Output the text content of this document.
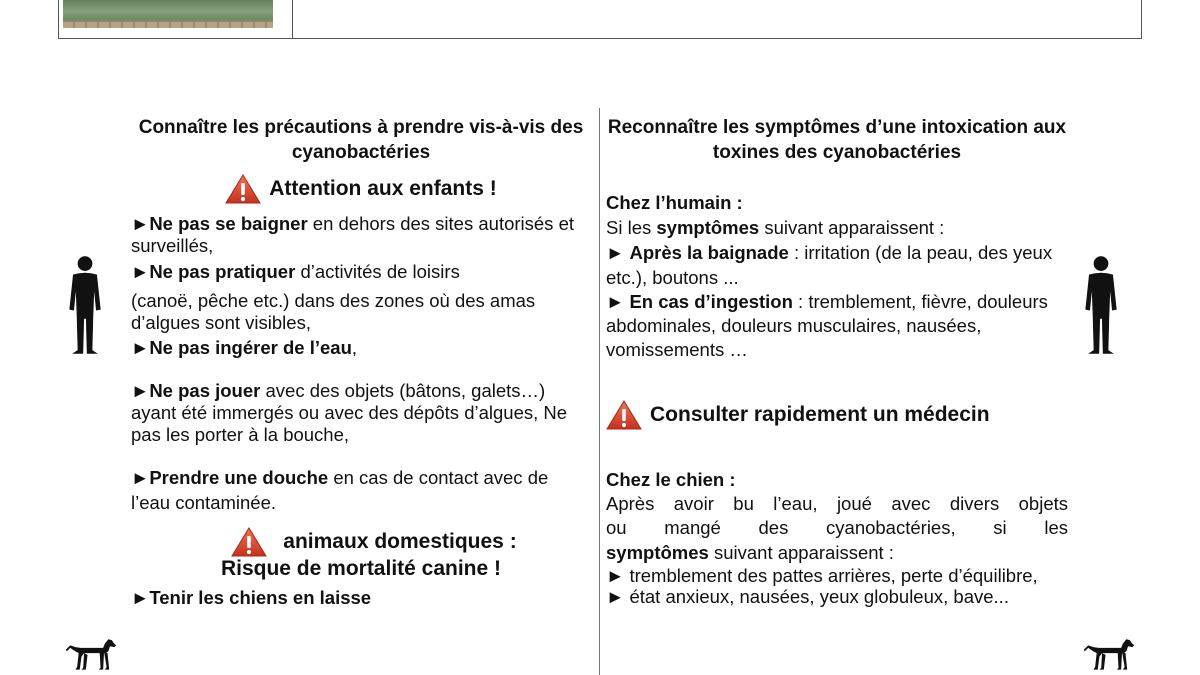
Connaître les précautions à prendre vis-à-vis des cyanobactéries

Attention aux enfants !

►Ne pas se baigner en dehors des sites autorisés et surveillés,

►Ne pas pratiquer d’activités de loisirs

(canoë, pêche etc.) dans des zones où des amas d’algues sont visibles,

►Ne pas ingérer de l’eau,

►Ne pas jouer avec des objets (bâtons, galets…) ayant été immergés ou avec des dépôts d’algues, Ne pas les porter à la bouche,

►Prendre une douche en cas de contact avec de l’eau contaminée.

animaux domestiques :
Risque de mortalité canine !

►Tenir les chiens en laisse

Reconnaître les symptômes d’une intoxication aux toxines des cyanobactéries

Chez l’humain :

Si les symptômes suivant apparaissent :

► Après la baignade : irritation (de la peau, des yeux etc.), boutons ...

► En cas d’ingestion : tremblement, fièvre, douleurs abdominales, douleurs musculaires, nausées, vomissements …

Consulter rapidement un médecin

Chez le chien :

Après avoir bu l’eau, joué avec divers objets

ou mangé des cyanobactéries, si les

symptômes suivant apparaissent :

► tremblement des pattes arrières, perte d’équilibre,

► état anxieux, nausées, yeux globuleux, bave...
